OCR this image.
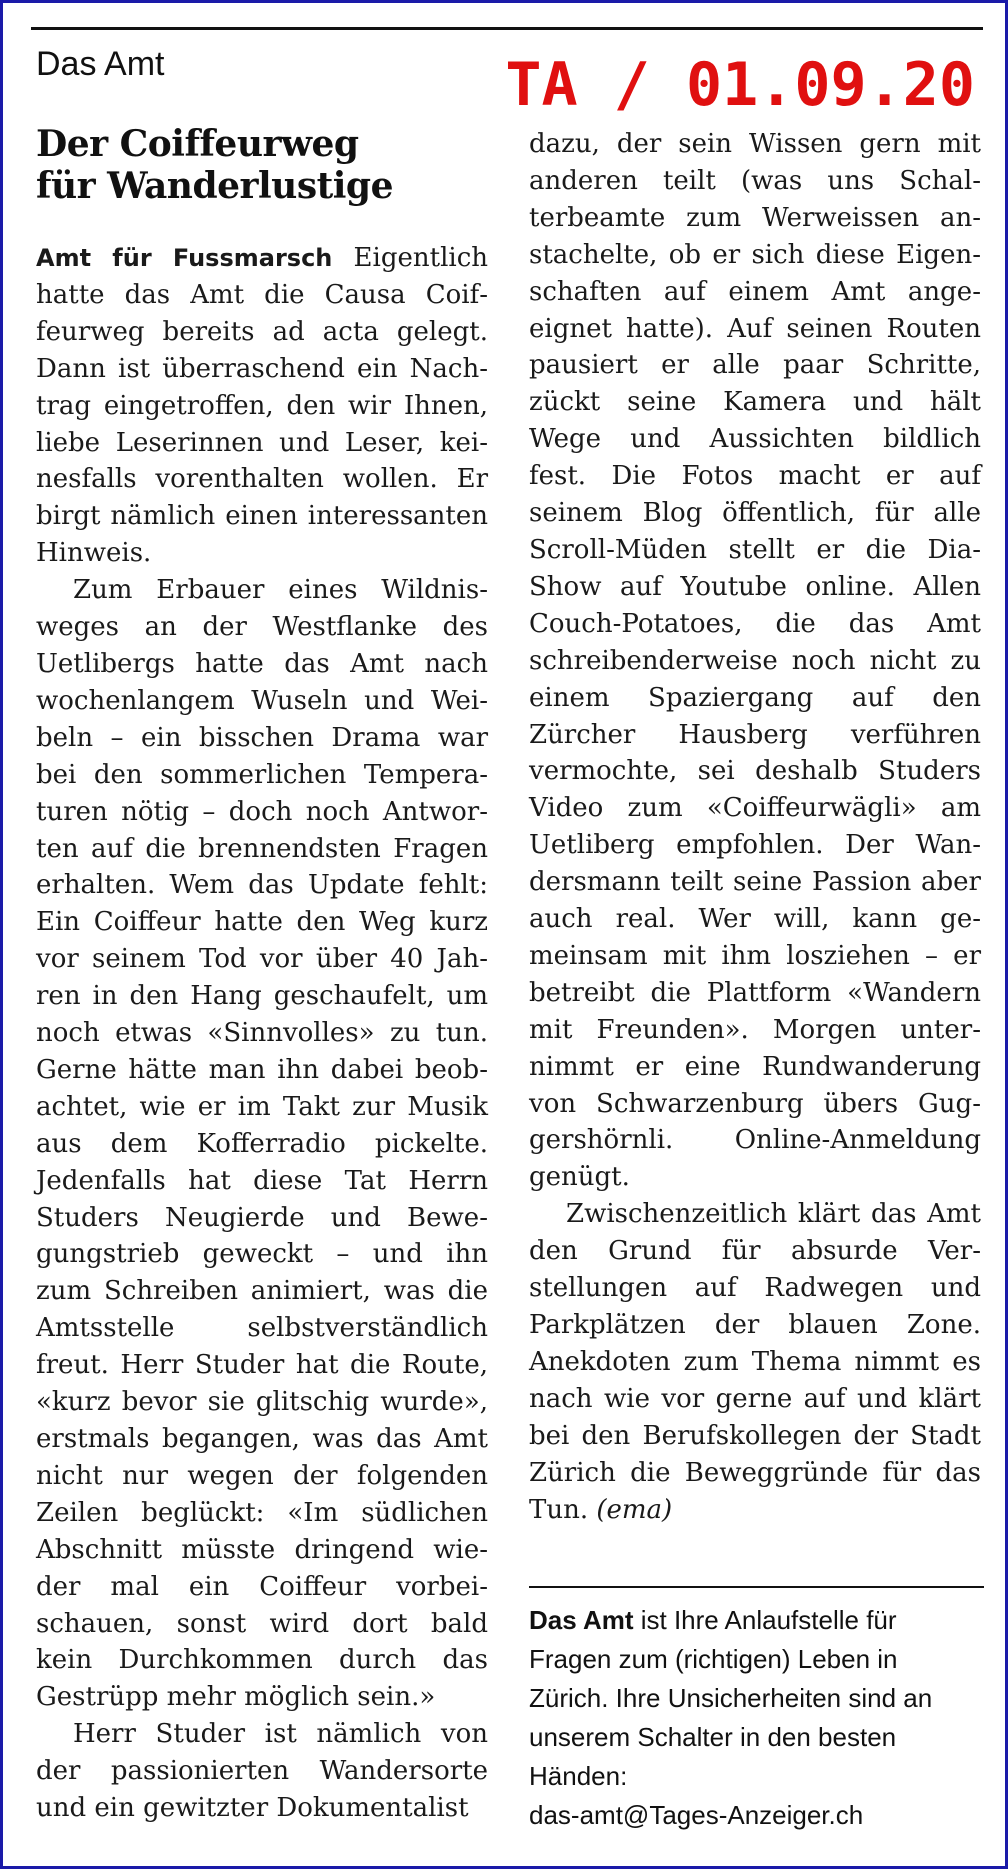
Das Amt	TA / 01.09.20
Der Coiffeurweg
für Wanderlustige

Amt für Fussmarsch Eigentlich hatte das Amt die Causa Coiffeurweg bereits ad acta gelegt. Dann ist überraschend ein Nachtrag eingetroffen, den wir Ihnen, liebe Leserinnen und Leser, keinesfalls vorenthalten wollen. Er birgt nämlich einen interessanten Hinweis.

Zum Erbauer eines Wildnisweges an der Westflanke des Uetlibergs hatte das Amt nach wochenlangem Wuseln und Weibeln – ein bisschen Drama war bei den sommerlichen Temperaturen nötig – doch noch Antworten auf die brennendsten Fragen erhalten. Wem das Update fehlt: Ein Coiffeur hatte den Weg kurz vor seinem Tod vor über 40 Jahren in den Hang geschaufelt, um noch etwas «Sinnvolles» zu tun. Gerne hätte man ihn dabei beobachtet, wie er im Takt zur Musik aus dem Kofferradio pickelte. Jedenfalls hat diese Tat Herrn Studers Neugierde und Bewegungstrieb geweckt – und ihn zum Schreiben animiert, was die Amtsstelle selbstverständlich freut. Herr Studer hat die Route, «kurz bevor sie glitschig wurde», erstmals begangen, was das Amt nicht nur wegen der folgenden Zeilen beglückt: «Im südlichen Abschnitt müsste dringend wieder mal ein Coiffeur vorbeischauen, sonst wird dort bald kein Durchkommen durch das Gestrüpp mehr möglich sein.»

Herr Studer ist nämlich von der passionierten Wandersorte und ein gewitzter Dokumentalist

dazu, der sein Wissen gern mit anderen teilt (was uns Schalterbeamte zum Werweissen anstachelte, ob er sich diese Eigenschaften auf einem Amt angeeignet hatte). Auf seinen Routen pausiert er alle paar Schritte, zückt seine Kamera und hält Wege und Aussichten bildlich fest. Die Fotos macht er auf seinem Blog öffentlich, für alle Scroll-Müden stellt er die Dia-Show auf Youtube online. Allen Couch-Potatoes, die das Amt schreibenderweise noch nicht zu einem Spaziergang auf den Zürcher Hausberg verführen vermochte, sei deshalb Studers Video zum «Coiffeurwägli» am Uetliberg empfohlen. Der Wandersmann teilt seine Passion aber auch real. Wer will, kann gemeinsam mit ihm losziehen – er betreibt die Plattform «Wandern mit Freunden». Morgen unternimmt er eine Rundwanderung von Schwarzenburg übers Guggershörnli. Online-Anmeldung genügt.

Zwischenzeitlich klärt das Amt den Grund für absurde Verstellungen auf Radwegen und Parkplätzen der blauen Zone. Anekdoten zum Thema nimmt es nach wie vor gerne auf und klärt bei den Berufskollegen der Stadt Zürich die Beweggründe für das Tun. (ema)

Das Amt ist Ihre Anlaufstelle für Fragen zum (richtigen) Leben in Zürich. Ihre Unsicherheiten sind an unserem Schalter in den besten Händen:
das-amt@Tages-Anzeiger.ch
